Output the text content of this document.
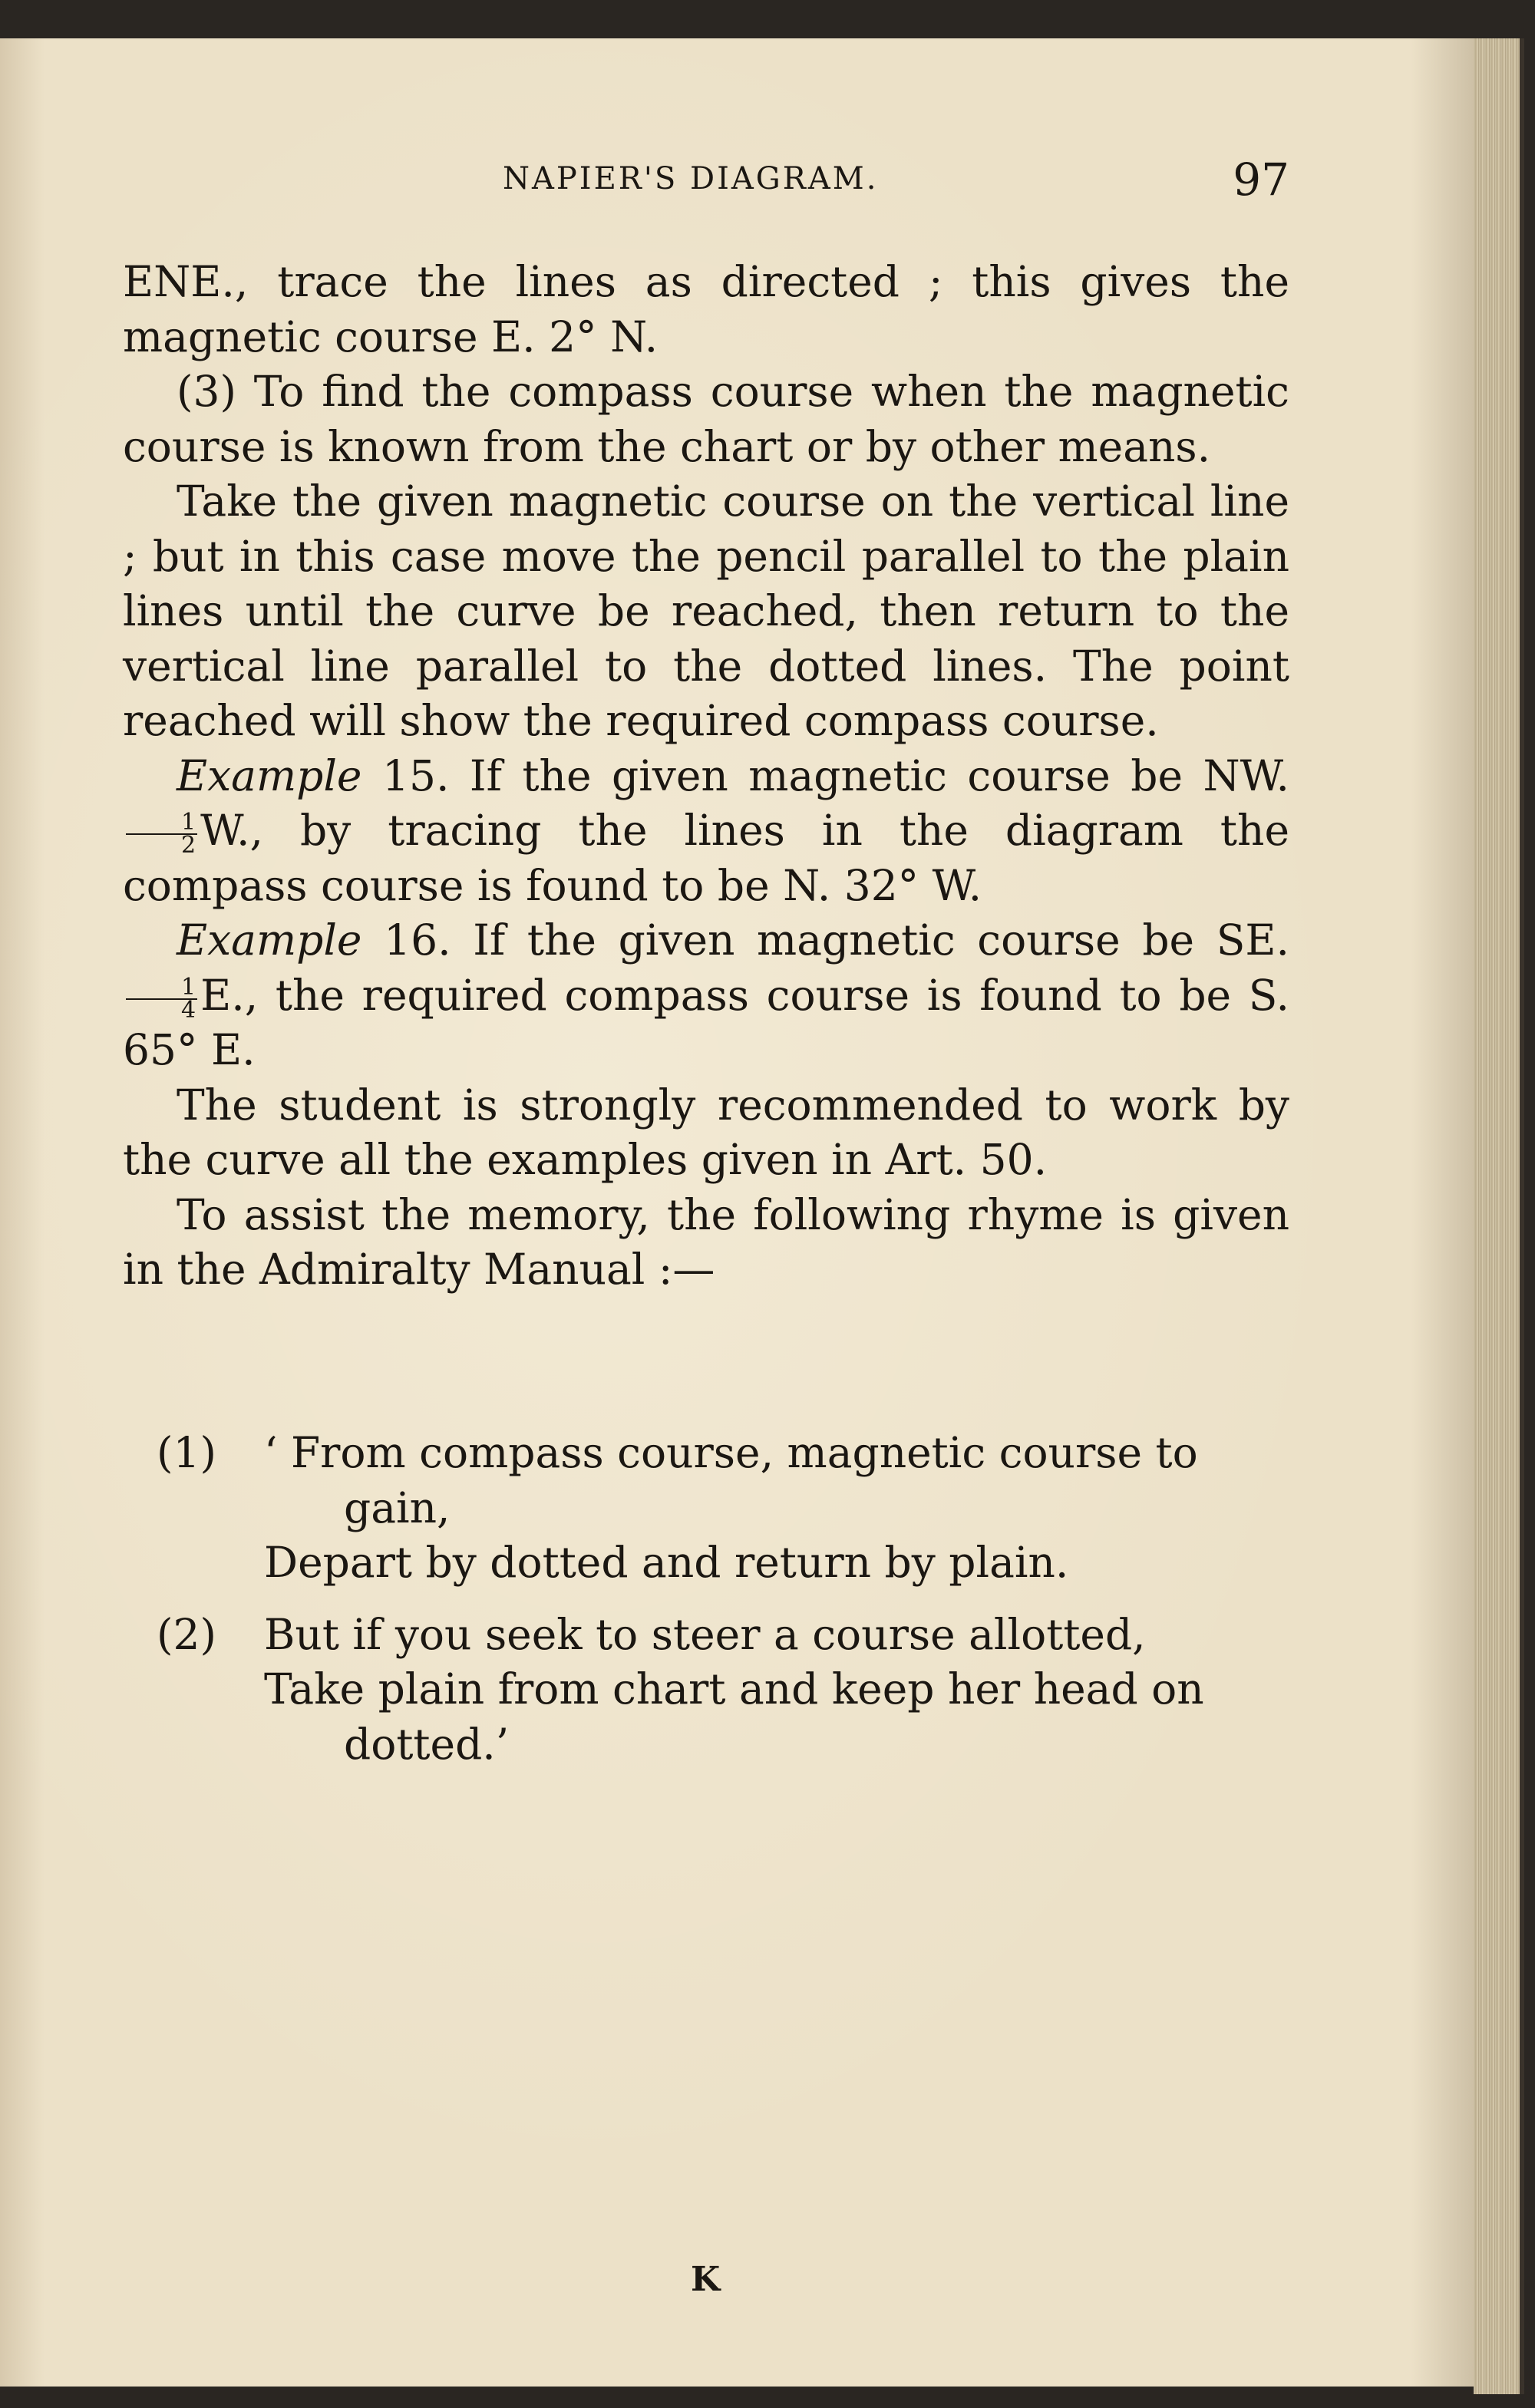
NAPIER'S DIAGRAM.	97

ENE., trace the lines as directed ; this gives the magnetic course E. 2° N.

(3) To find the compass course when the magnetic course is known from the chart or by other means.

Take the given magnetic course on the vertical line ; but in this case move the pencil parallel to the plain lines until the curve be reached, then return to the vertical line parallel to the dotted lines. The point reached will show the required compass course.

Example 15. If the given magnetic course be NW.
$\frac{1}{2} W$., by tracing the lines in the diagram the compass course is found to be N. 32° W.

Example 16. If the given magnetic course be SE.
$\frac{1}{4} E$., the required compass course is found to be S. 65° E.

The student is strongly recommended to work by the curve all the examples given in Art. 50.

To assist the memory, the following rhyme is given in the Admiralty Manual :—

(1) ‘ From compass course, magnetic course to
gain,
Depart by dotted and return by plain.
(2) But if you seek to steer a course allotted,
Take plain from chart and keep her head on
dotted.’
K
